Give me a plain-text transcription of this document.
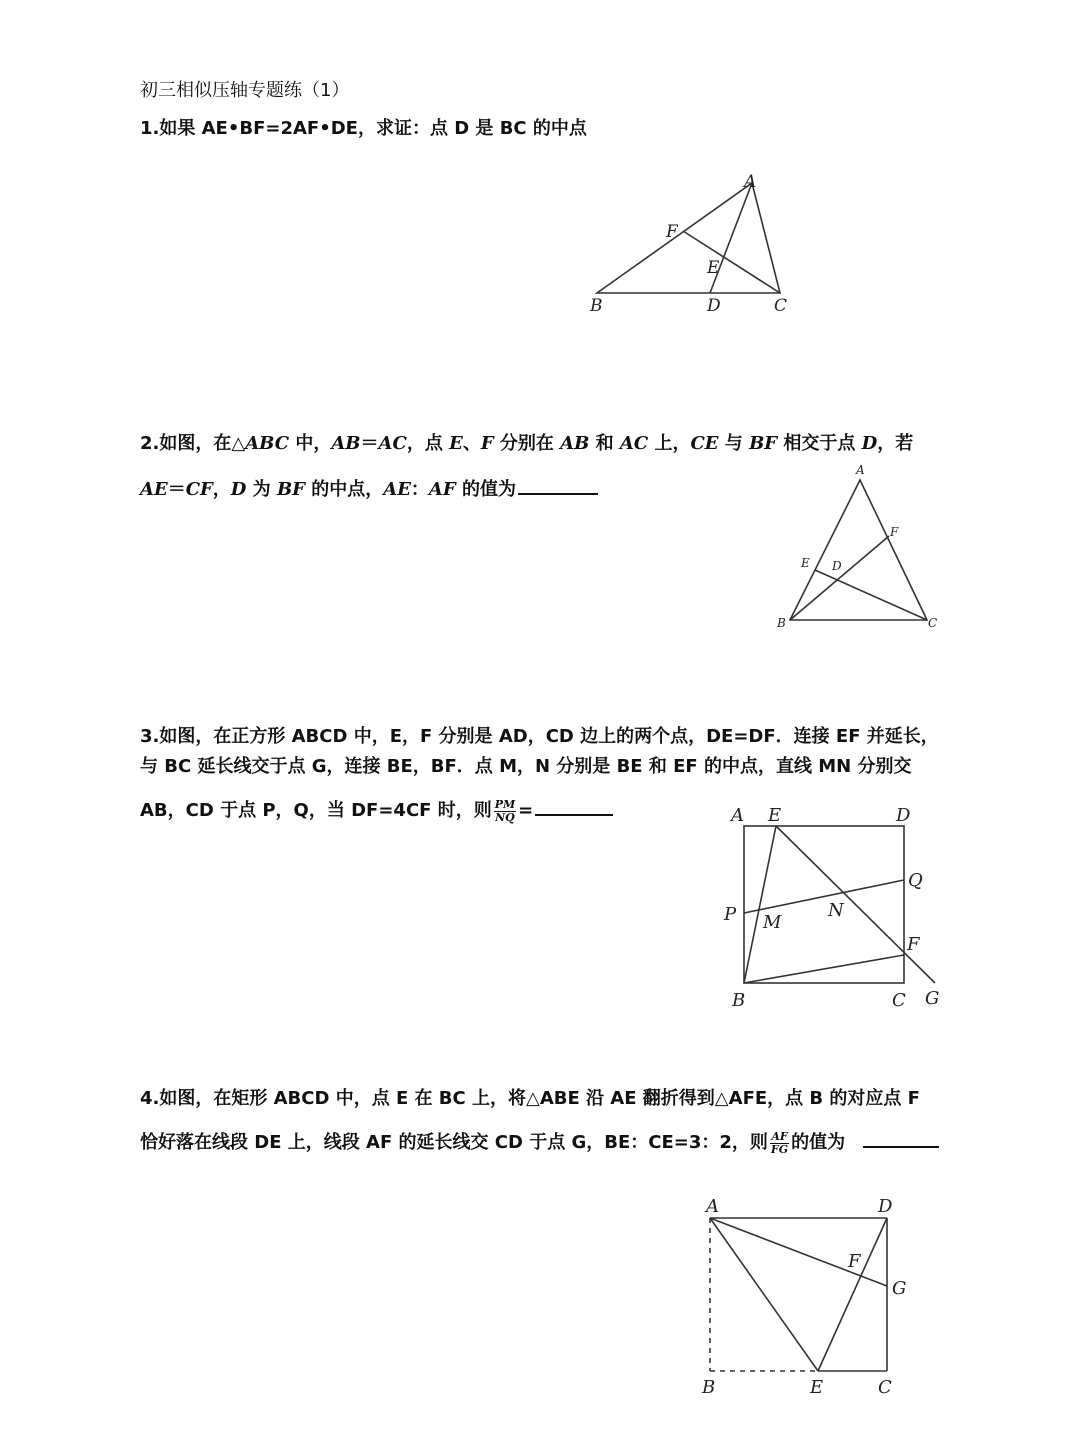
初三相似压轴专题练（1）
1.如果 AE•BF=2AF•DE，求证：点 D 是 BC 的中点
A
F
E
B	D	C
2.如图，在△ABC 中，AB＝AC，点 E、F 分别在 AB 和 AC 上，CE 与 BF 相交于点 D，若
AE＝CF，D 为 BF 的中点，AE：AF 的值为
A
F
E D
B	C
3.如图，在正方形 ABCD 中，E，F 分别是 AD，CD 边上的两个点，DE=DF．连接 EF 并延长，
与 BC 延长线交于点 G，连接 BE，BF．点 M，N 分别是 BE 和 EF 的中点，直线 MN 分别交
AB，CD 于点 P，Q，当 DF=4CF 时，则 $\frac{PM}{NQ}$ =	A E	D
Q
P M
N
F
B	C G
4.如图，在矩形 ABCD 中，点 E 在 BC 上，将△ABE 沿 AE 翻折得到△AFE，点 B 的对应点 F
恰好落在线段 DE 上，线段 AF 的延长线交 CD 于点 G，BE：CE=3：2，则 $\frac{AF}{FG}$ 的值为
A	D
F
G
B	E	C
